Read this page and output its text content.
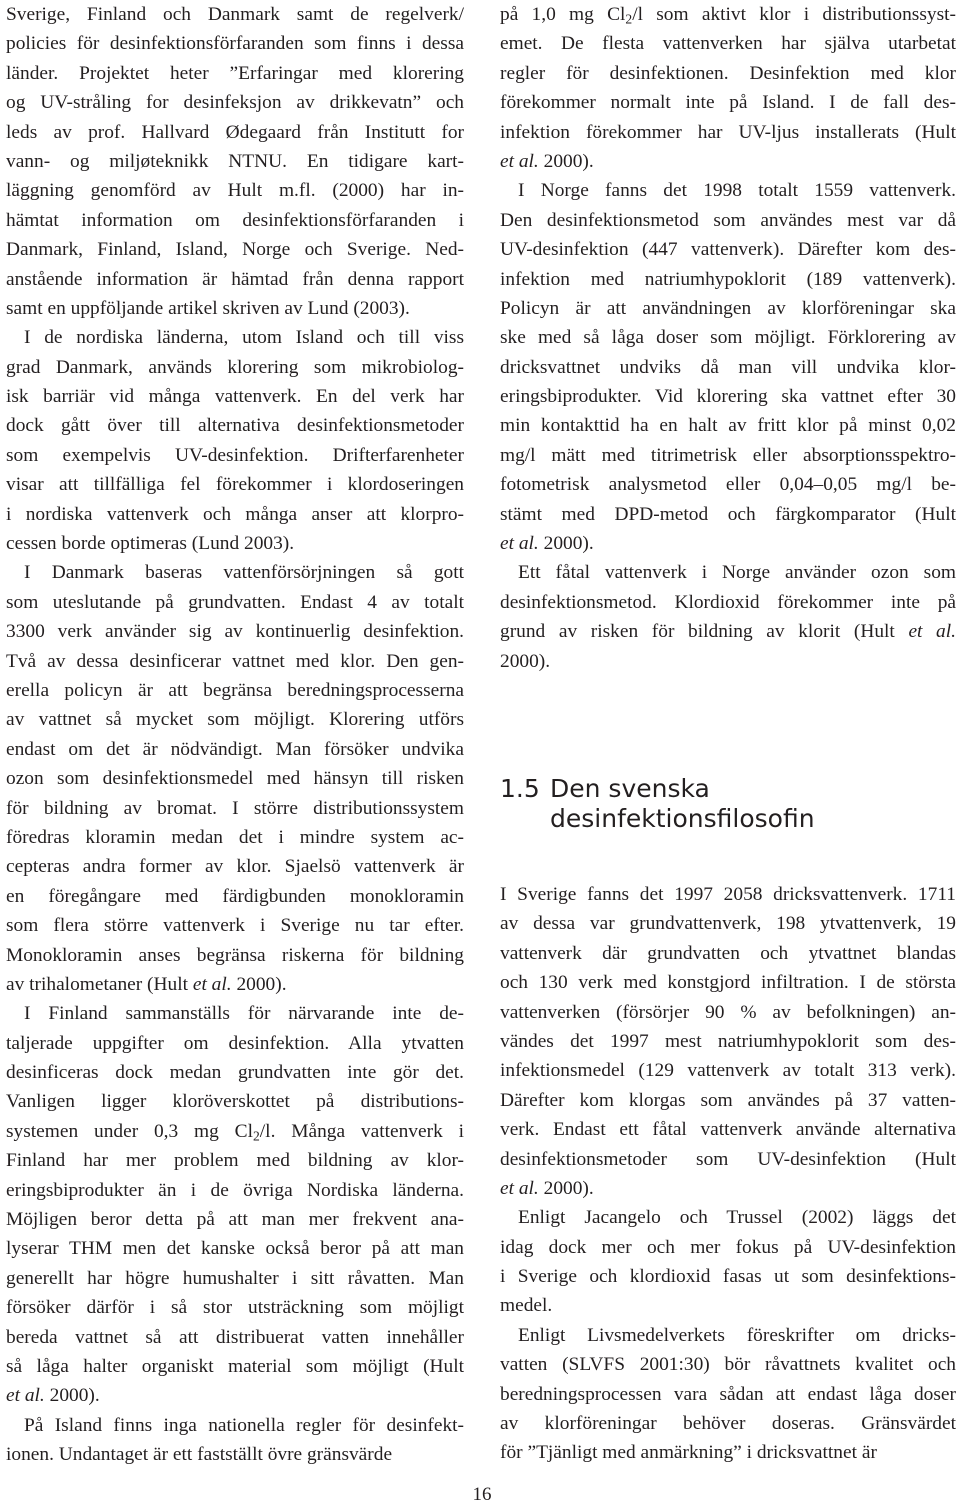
Sverige, Finland och Danmark samt de regelverk/
policies för desinfektionsförfaranden som finns i dessa
länder. Projektet heter ”Erfaringar med klorering
og UV-stråling for desinfeksjon av drikkevatn” och
leds av prof. Hallvard Ødegaard från Institutt for
vann- og miljøteknikk NTNU. En tidigare kart-
läggning genomförd av Hult m.fl. (2000) har in-
hämtat information om desinfektionsförfaranden i
Danmark, Finland, Island, Norge och Sverige. Ned-
anstående information är hämtad från denna rapport
samt en uppföljande artikel skriven av Lund (2003).
I de nordiska länderna, utom Island och till viss
grad Danmark, används klorering som mikrobiolog-
isk barriär vid många vattenverk. En del verk har
dock gått över till alternativa desinfektionsmetoder
som exempelvis UV-desinfektion. Drifterfarenheter
visar att tillfälliga fel förekommer i klordoseringen
i nordiska vattenverk och många anser att klorpro-
cessen borde optimeras (Lund 2003).
I Danmark baseras vattenförsörjningen så gott
som uteslutande på grundvatten. Endast 4 av totalt
3300 verk använder sig av kontinuerlig desinfektion.
Två av dessa desinficerar vattnet med klor. Den gen-
erella policyn är att begränsa beredningsprocesserna
av vattnet så mycket som möjligt. Klorering utförs
endast om det är nödvändigt. Man försöker undvika
ozon som desinfektionsmedel med hänsyn till risken
för bildning av bromat. I större distributionssystem
föredras kloramin medan det i mindre system ac-
cepteras andra former av klor. Sjaelsö vattenverk är
en föregångare med färdigbunden monokloramin
som flera större vattenverk i Sverige nu tar efter.
Monokloramin anses begränsa riskerna för bildning
av trihalometaner (Hult et al. 2000).
I Finland sammanställs för närvarande inte de-
taljerade uppgifter om desinfektion. Alla ytvatten
desinficeras dock medan grundvatten inte gör det.
Vanligen ligger kloröverskottet på distributions-
systemen under 0,3 mg $Cl_2/l$. Många vattenverk i
Finland har mer problem med bildning av klor-
eringsbiprodukter än i de övriga Nordiska länderna.
Möjligen beror detta på att man mer frekvent ana-
lyserar THM men det kanske också beror på att man
generellt har högre humushalter i sitt råvatten. Man
försöker därför i så stor utsträckning som möjligt
bereda vattnet så att distribuerat vatten innehåller
så låga halter organiskt material som möjligt (Hult
et al. 2000).
På Island finns inga nationella regler för desinfekt-
ionen. Undantaget är ett fastställt övre gränsvärde
på 1,0 mg $Cl_2/l$ som aktivt klor i distributionssyst-
emet. De flesta vattenverken har själva utarbetat
regler för desinfektionen. Desinfektion med klor
förekommer normalt inte på Island. I de fall des-
infektion förekommer har UV-ljus installerats (Hult
et al. 2000).
I Norge fanns det 1998 totalt 1559 vattenverk.
Den desinfektionsmetod som användes mest var då
UV-desinfektion (447 vattenverk). Därefter kom des-
infektion med natriumhypoklorit (189 vattenverk).
Policyn är att användningen av klorföreningar ska
ske med så låga doser som möjligt. Förklorering av
dricksvattnet undviks då man vill undvika klor-
eringsbiprodukter. Vid klorering ska vattnet efter 30
min kontakttid ha en halt av fritt klor på minst 0,02
mg/l mätt med titrimetrisk eller absorptionsspektro-
fotometrisk analysmetod eller 0,04–0,05 mg/l be-
stämt med DPD-metod och färgkomparator (Hult
et al. 2000).
Ett fåtal vattenverk i Norge använder ozon som
desinfektionsmetod. Klordioxid förekommer inte på
grund av risken för bildning av klorit (Hult et al.
2000).
1.5 Den svenska
desinfektionsfilosofin
I Sverige fanns det 1997 2058 dricksvattenverk. 1711
av dessa var grundvattenverk, 198 ytvattenverk, 19
vattenverk där grundvatten och ytvattnet blandas
och 130 verk med konstgjord infiltration. I de största
vattenverken (försörjer 90 % av befolkningen) an-
vändes det 1997 mest natriumhypoklorit som des-
infektionsmedel (129 vattenverk av totalt 313 verk).
Därefter kom klorgas som användes på 37 vatten-
verk. Endast ett fåtal vattenverk använde alternativa
desinfektionsmetoder som UV-desinfektion (Hult
et al. 2000).
Enligt Jacangelo och Trussel (2002) läggs det
idag dock mer och mer fokus på UV-desinfektion
i Sverige och klordioxid fasas ut som desinfektions-
medel.
Enligt Livsmedelverkets föreskrifter om dricks-
vatten (SLVFS 2001:30) bör råvattnets kvalitet och
beredningsprocessen vara sådan att endast låga doser
av klorföreningar behöver doseras. Gränsvärdet
för ”Tjänligt med anmärkning” i dricksvattnet är
16
